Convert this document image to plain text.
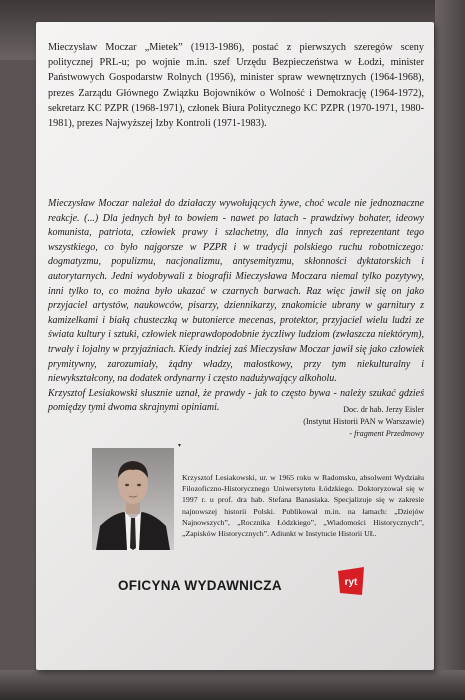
Mieczysław Moczar „Mietek” (1913-1986), postać z pierwszych szeregów sceny politycznej PRL-u; po wojnie m.in. szef Urzędu Bezpieczeństwa w Łodzi, minister Państwowych Gospodarstw Rolnych (1956), minister spraw wewnętrznych (1964-1968), prezes Zarządu Głównego Związku Bojowników o Wolność i Demokrację (1964-1972), sekretarz KC PZPR (1968-1971), członek Biura Politycznego KC PZPR (1970-1971, 1980-1981), prezes Najwyższej Izby Kontroli (1971-1983).

Mieczysław Moczar należał do działaczy wywołujących żywe, choć wcale nie jednoznaczne reakcje. (...) Dla jednych był to bowiem - nawet po latach - prawdziwy bohater, ideowy komunista, patriota, człowiek prawy i szlachetny, dla innych zaś reprezentant tego wszystkiego, co było najgorsze w PZPR i w tradycji polskiego ruchu robotniczego: dogmatyzmu, populizmu, nacjonalizmu, antysemityzmu, skłonności dyktatorskich i autorytarnych. Jedni wydobywali z biografii Mieczysława Moczara niemal tylko pozytywy, inni tylko to, co można było ukazać w czarnych barwach. Raz więc jawił się on jako przyjaciel artystów, naukowców, pisarzy, dziennikarzy, znakomicie ubrany w garnitury z kamizelkami i białą chusteczką w butonierce mecenas, protektor, przyjaciel wielu ludzi ze świata kultury i sztuki, człowiek nieprawdopodobnie życzliwy ludziom (zwłaszcza niektórym), trwały i lojalny w przyjaźniach. Kiedy indziej zaś Mieczysław Moczar jawił się jako człowiek prymitywny, zarozumiały, żądny władzy, małostkowy, przy tym niekulturalny i niewykształcony, na dodatek ordynarny i często nadużywający alkoholu.

Krzysztof Lesiakowski słusznie uznał, że prawdy - jak to często bywa - należy szukać gdzieś pomiędzy tymi dwoma skrajnymi opiniami.	Doc. dr hab. Jerzy Eisler
(Instytut Historii PAN w Warszawie)
- fragment Przedmowy
Krzysztof Lesiakowski, ur. w 1965 roku w Radomsku, absolwent Wydziału Filozoficzno-Historycznego Uniwersytetu Łódzkiego. Doktoryzował się w 1997 r. u prof. dra hab. Stefana Banasiaka. Specjalizuje się w zakresie najnowszej historii Polski. Publikował m.in. na łamach: „Dziejów Najnowszych”, „Rocznika Łódzkiego”, „Wiadomości Historycznych”, „Zapisków Historycznych”. Adiunkt w Instytucie Historii UŁ.
OFICYNA WYDAWNICZA	ryt
